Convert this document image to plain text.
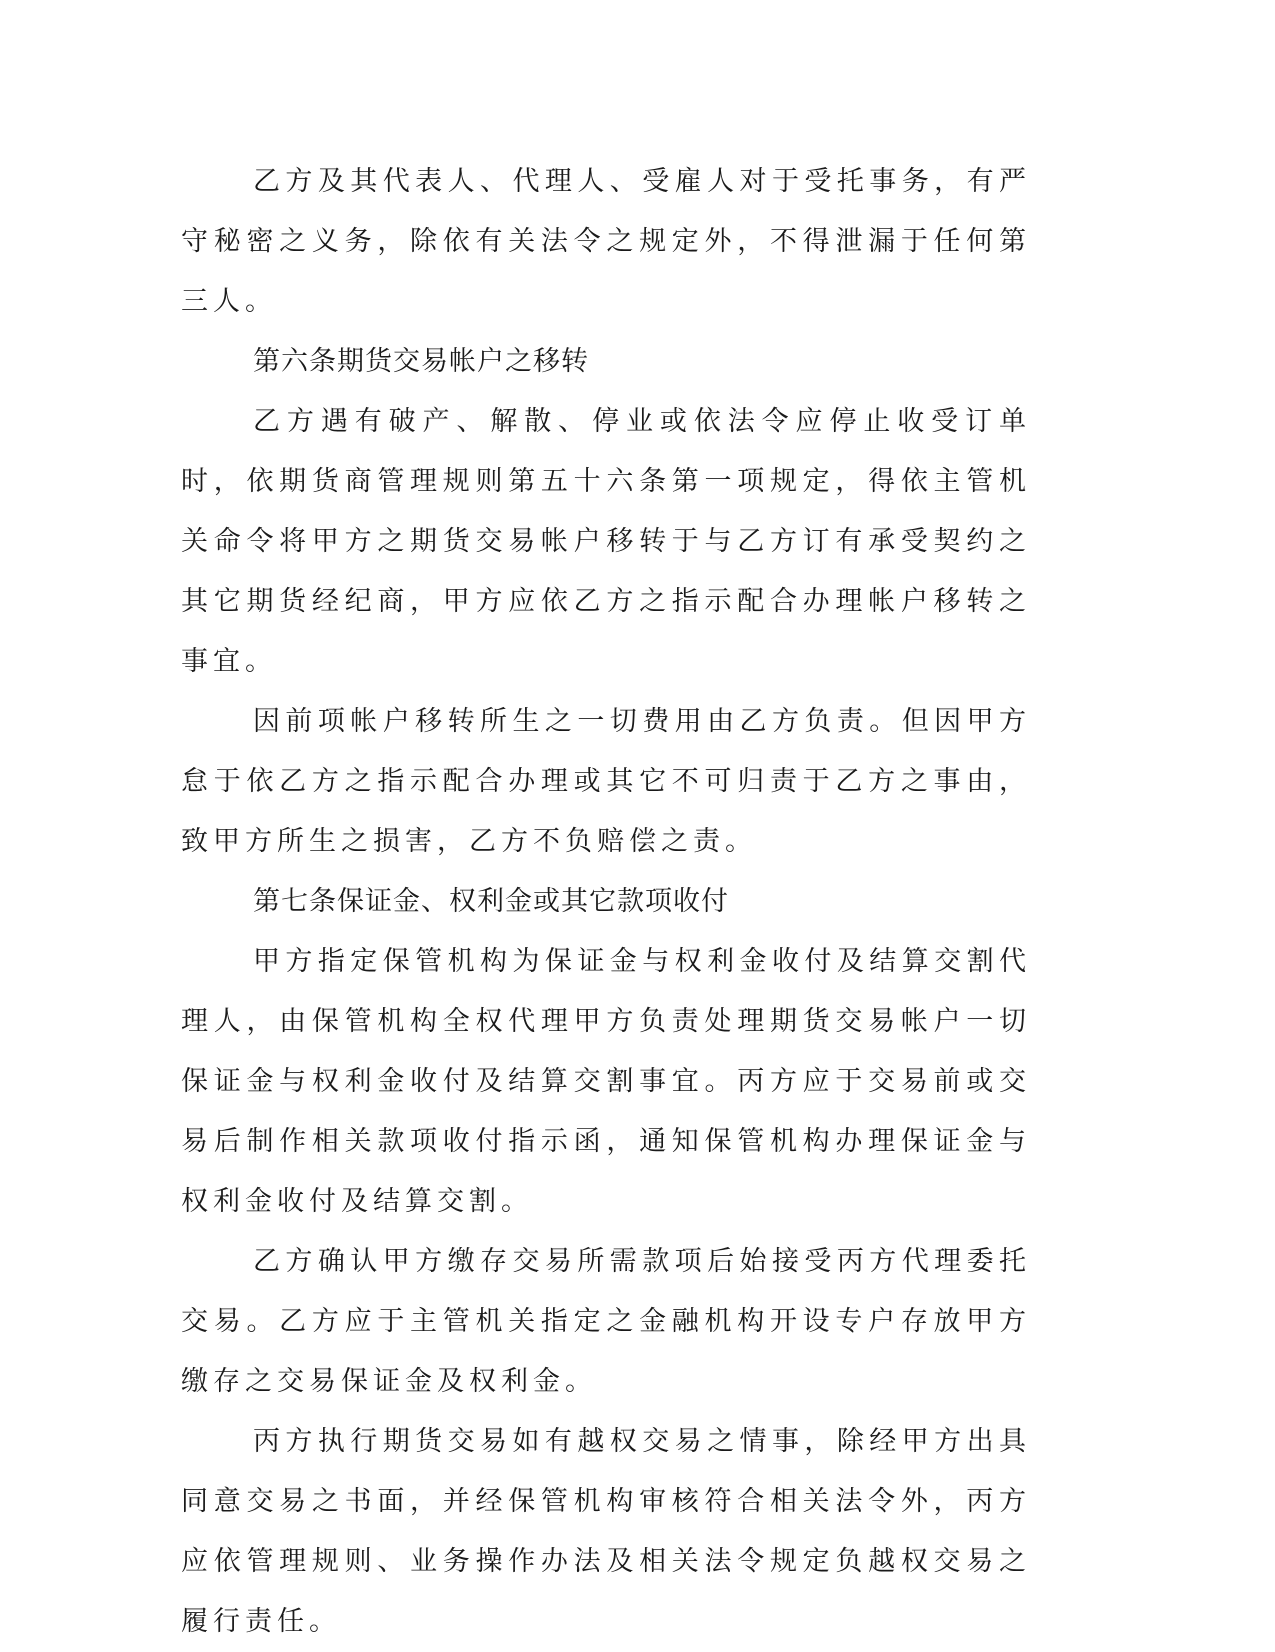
乙方及其代表人、代理人、受雇人对于受托事务，有严守秘密之义务，除依有关法令之规定外，不得泄漏于任何第三人。

第六条期货交易帐户之移转

乙方遇有破产、解散、停业或依法令应停止收受订单时，依期货商管理规则第五十六条第一项规定，得依主管机关命令将甲方之期货交易帐户移转于与乙方订有承受契约之其它期货经纪商，甲方应依乙方之指示配合办理帐户移转之事宜。

因前项帐户移转所生之一切费用由乙方负责。但因甲方怠于依乙方之指示配合办理或其它不可归责于乙方之事由，致甲方所生之损害，乙方不负赔偿之责。

第七条保证金、权利金或其它款项收付

甲方指定保管机构为保证金与权利金收付及结算交割代理人，由保管机构全权代理甲方负责处理期货交易帐户一切保证金与权利金收付及结算交割事宜。丙方应于交易前或交易后制作相关款项收付指示函，通知保管机构办理保证金与权利金收付及结算交割。

乙方确认甲方缴存交易所需款项后始接受丙方代理委托交易。乙方应于主管机关指定之金融机构开设专户存放甲方缴存之交易保证金及权利金。

丙方执行期货交易如有越权交易之情事，除经甲方出具同意交易之书面，并经保管机构审核符合相关法令外，丙方应依管理规则、业务操作办法及相关法令规定负越权交易之履行责任。
